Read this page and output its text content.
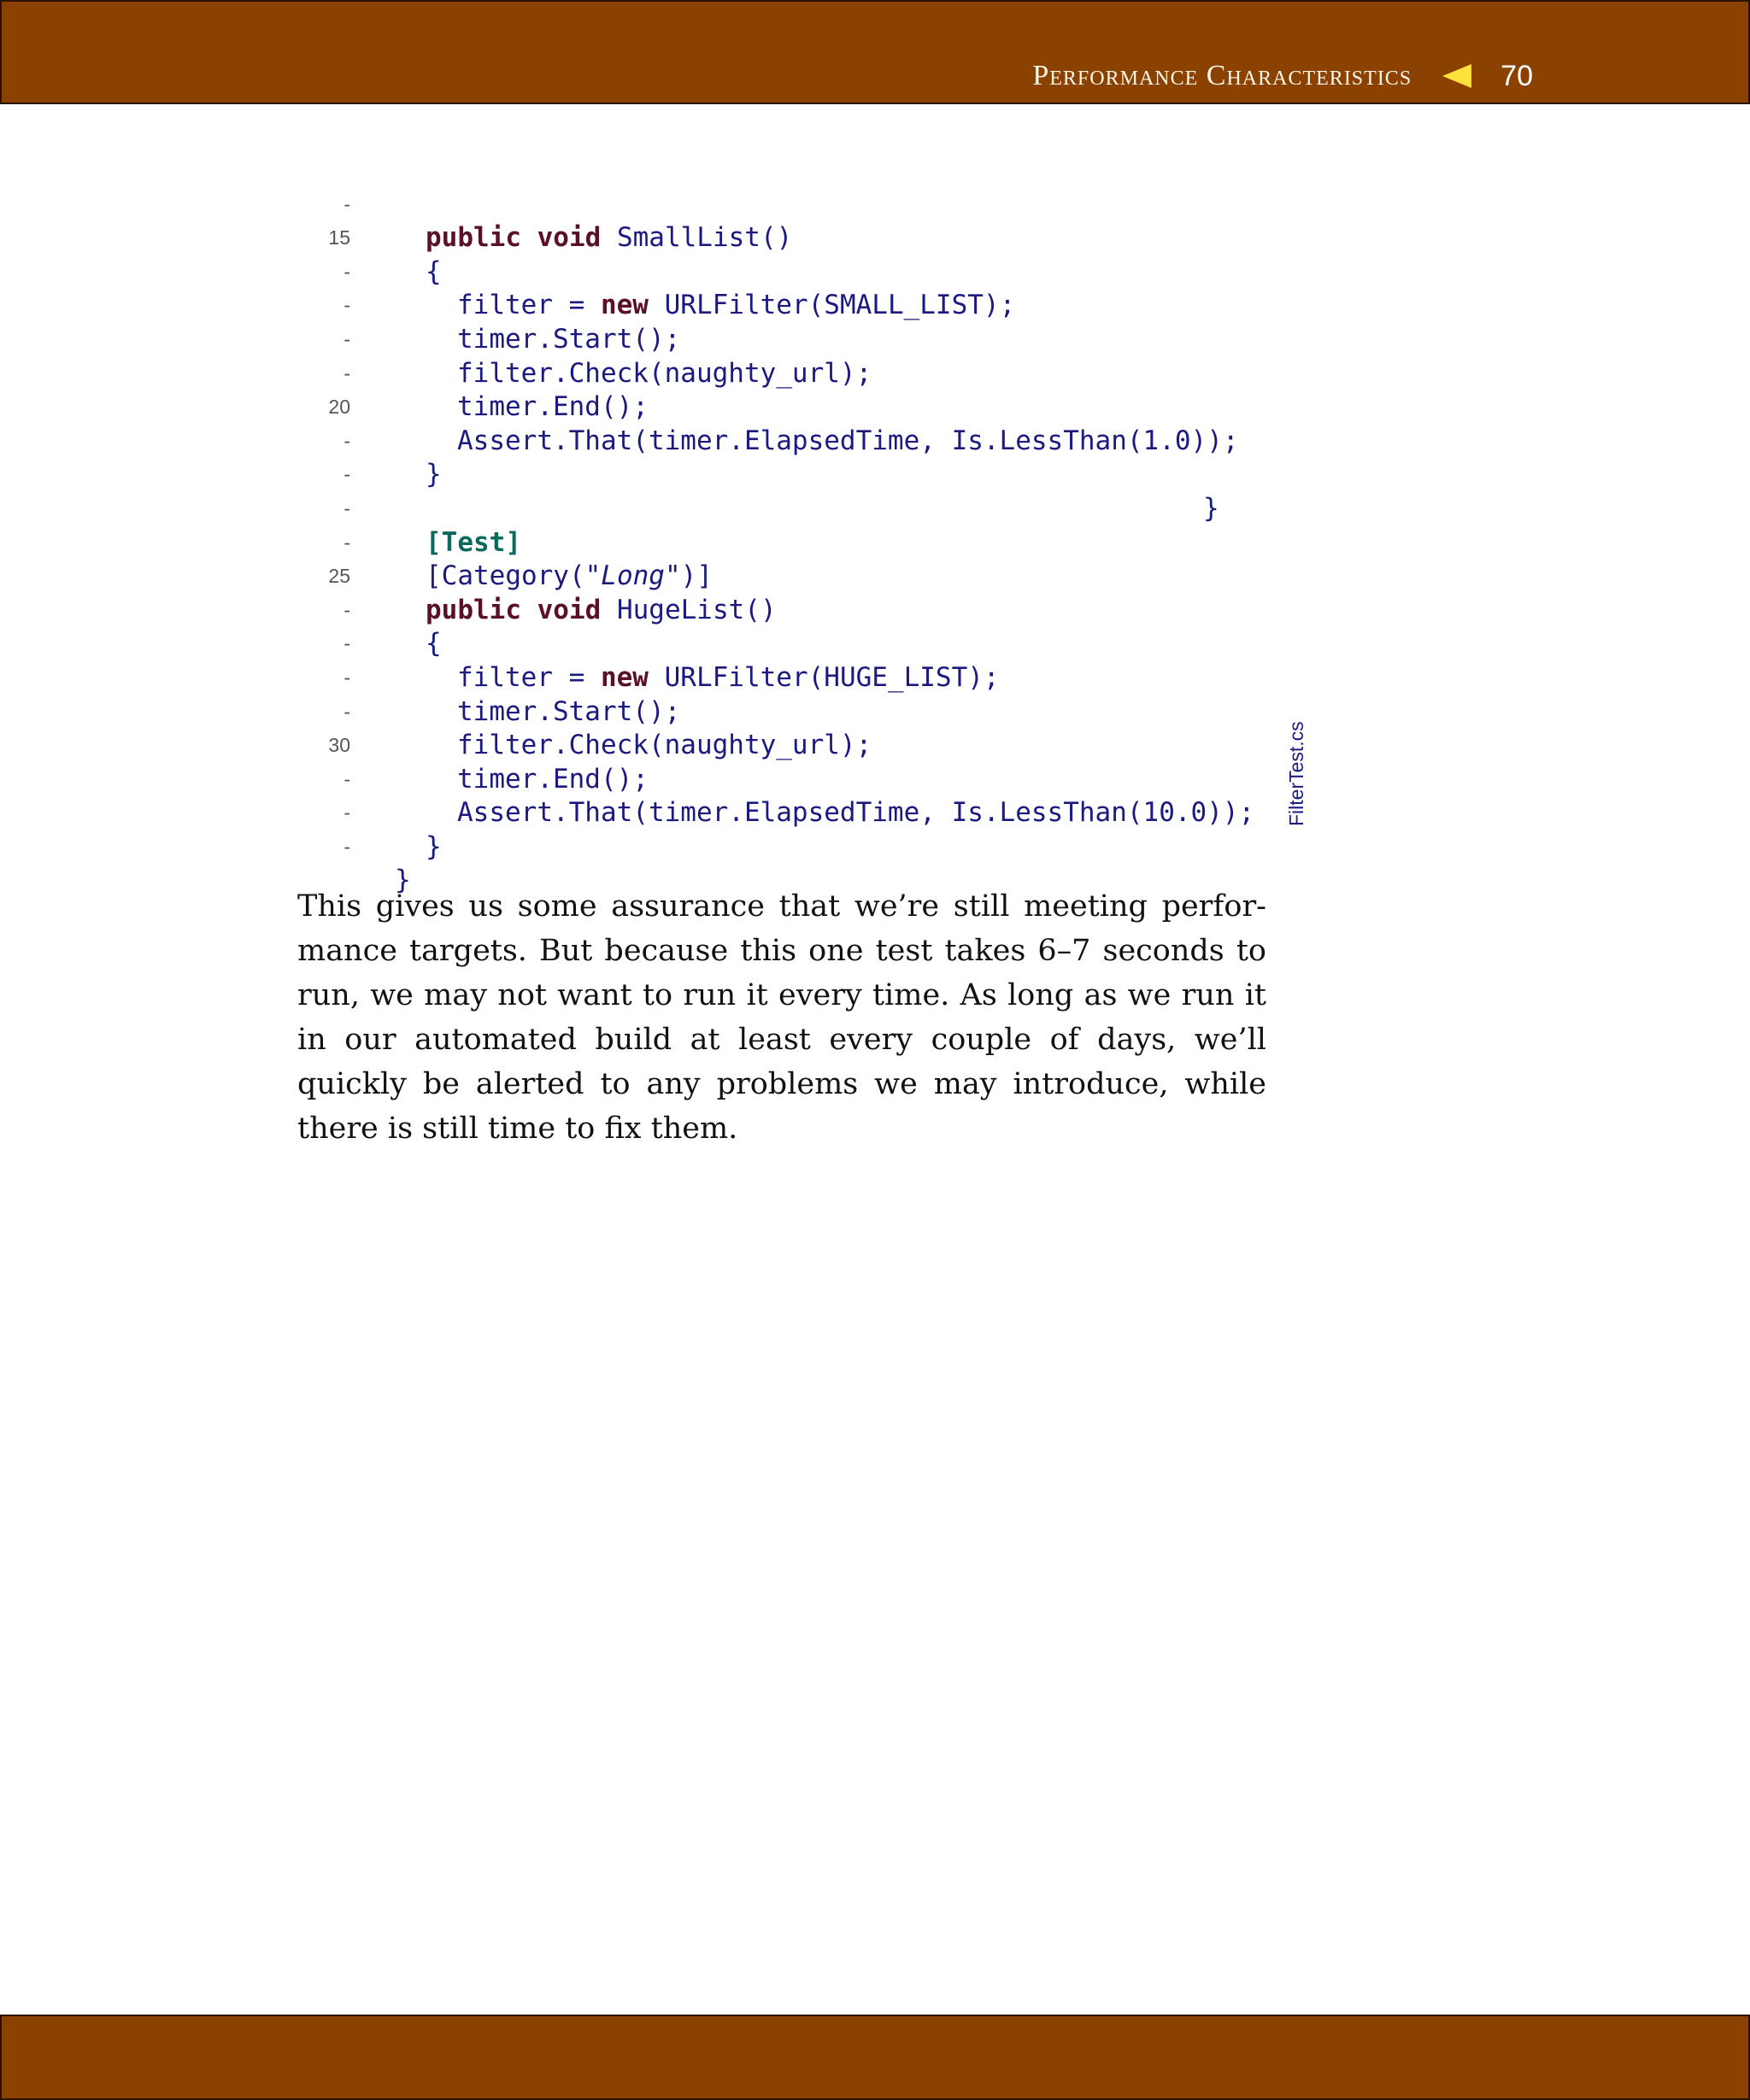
Performance Characteristics	70

-

public void SmallList()

15

{

-

filter = new URLFilter(SMALL_LIST);

-

timer.Start();

-

filter.Check(naughty_url);

-

timer.End();

20

Assert.That(timer.ElapsedTime, Is.LessThan(1.0));

-

}

-

}

-

[Test]

-

[Category("Long")]

25

public void HugeList()

-

{

-

filter = new URLFilter(HUGE_LIST);

-

timer.Start();

-

filter.Check(naughty_url);

30

timer.End();

-

Assert.That(timer.ElapsedTime, Is.LessThan(10.0));

-

}

-

}

FilterTest.cs

This gives us some assurance that we’re still meeting perfor- mance targets. But because this one test takes 6–7 seconds to run, we may not want to run it every time. As long as we run it in our automated build at least every couple of days, we’ll quickly be alerted to any problems we may introduce, while there is still time to fix them.
